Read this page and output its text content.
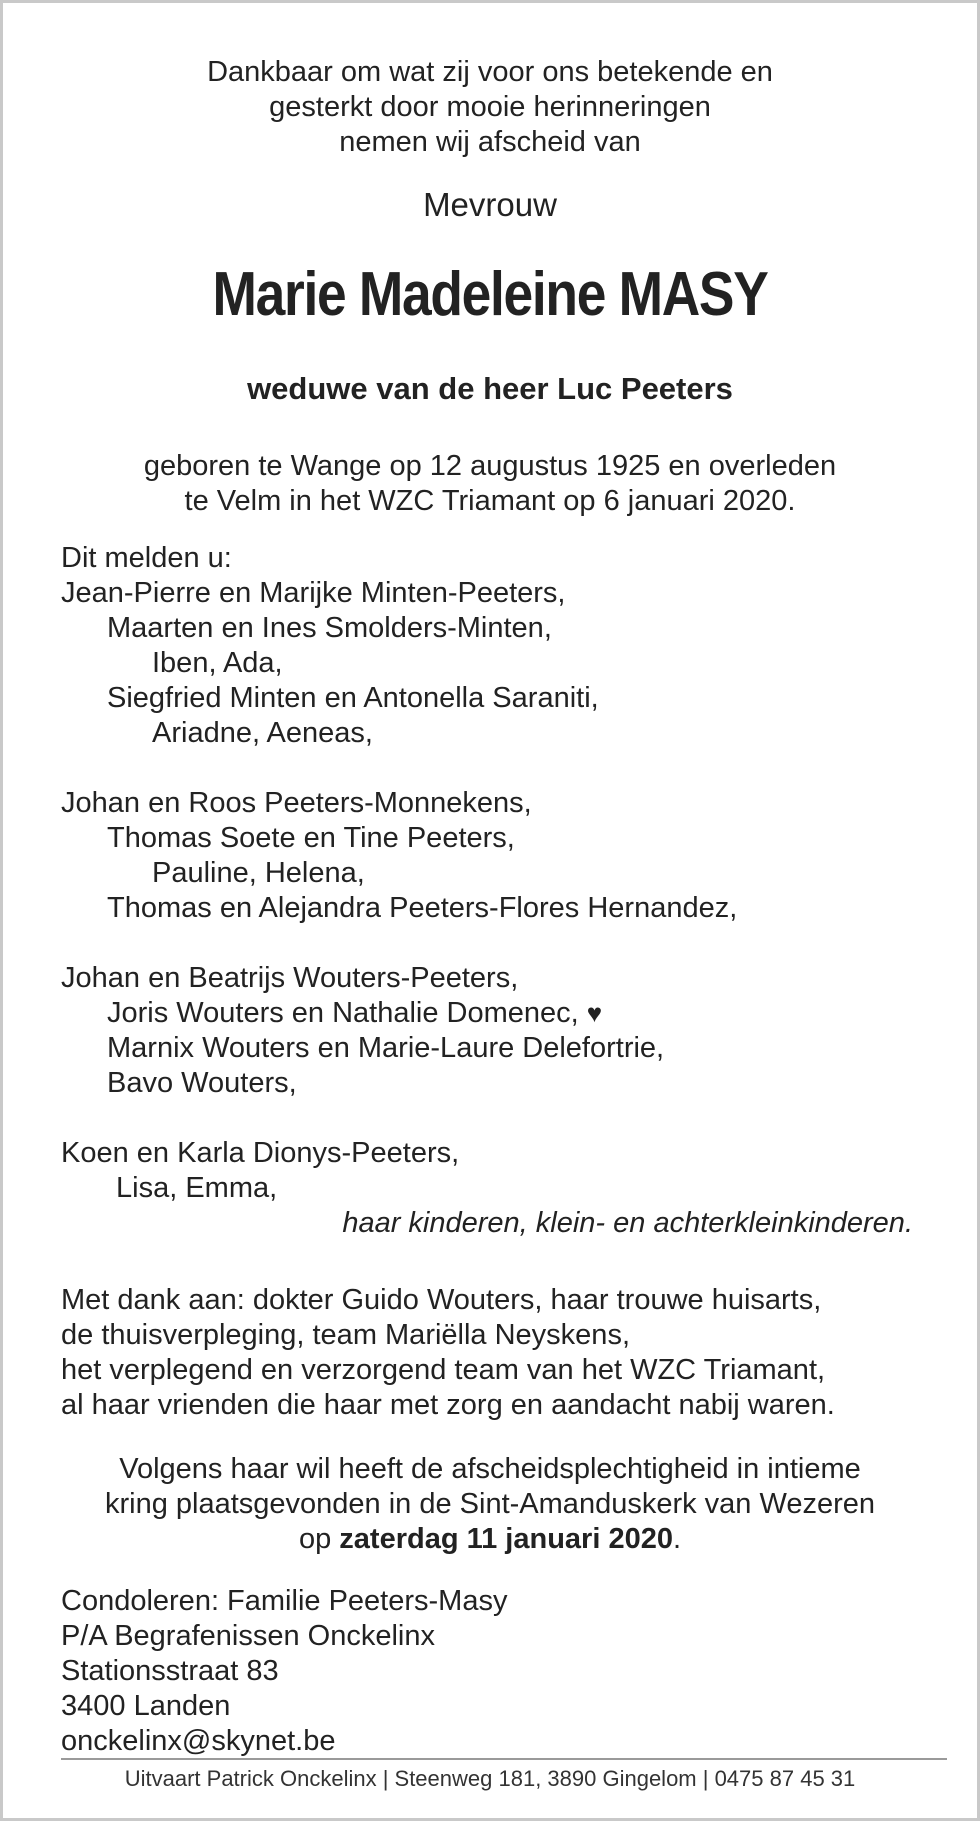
Dankbaar om wat zij voor ons betekende en
gesterkt door mooie herinneringen
nemen wij afscheid van
Mevrouw
Marie Madeleine MASY
weduwe van de heer Luc Peeters
geboren te Wange op 12 augustus 1925 en overleden
te Velm in het WZC Triamant op 6 januari 2020.
Dit melden u:
Jean-Pierre en Marijke Minten-Peeters,
Maarten en Ines Smolders-Minten,
Iben, Ada,
Siegfried Minten en Antonella Saraniti,
Ariadne, Aeneas,
Johan en Roos Peeters-Monnekens,
Thomas Soete en Tine Peeters,
Pauline, Helena,
Thomas en Alejandra Peeters-Flores Hernandez,
Johan en Beatrijs Wouters-Peeters,
Joris Wouters en Nathalie Domenec, ♥
Marnix Wouters en Marie-Laure Delefortrie,
Bavo Wouters,
Koen en Karla Dionys-Peeters,
Lisa, Emma,
haar kinderen, klein- en achterkleinkinderen.
Met dank aan: dokter Guido Wouters, haar trouwe huisarts,
de thuisverpleging, team Mariëlla Neyskens,
het verplegend en verzorgend team van het WZC Triamant,
al haar vrienden die haar met zorg en aandacht nabij waren.
Volgens haar wil heeft de afscheidsplechtigheid in intieme
kring plaatsgevonden in de Sint-Amanduskerk van Wezeren
op zaterdag 11 januari 2020.
Condoleren: Familie Peeters-Masy
P/A Begrafenissen Onckelinx
Stationsstraat 83
3400 Landen
onckelinx@skynet.be
Uitvaart Patrick Onckelinx | Steenweg 181, 3890 Gingelom | 0475 87 45 31
